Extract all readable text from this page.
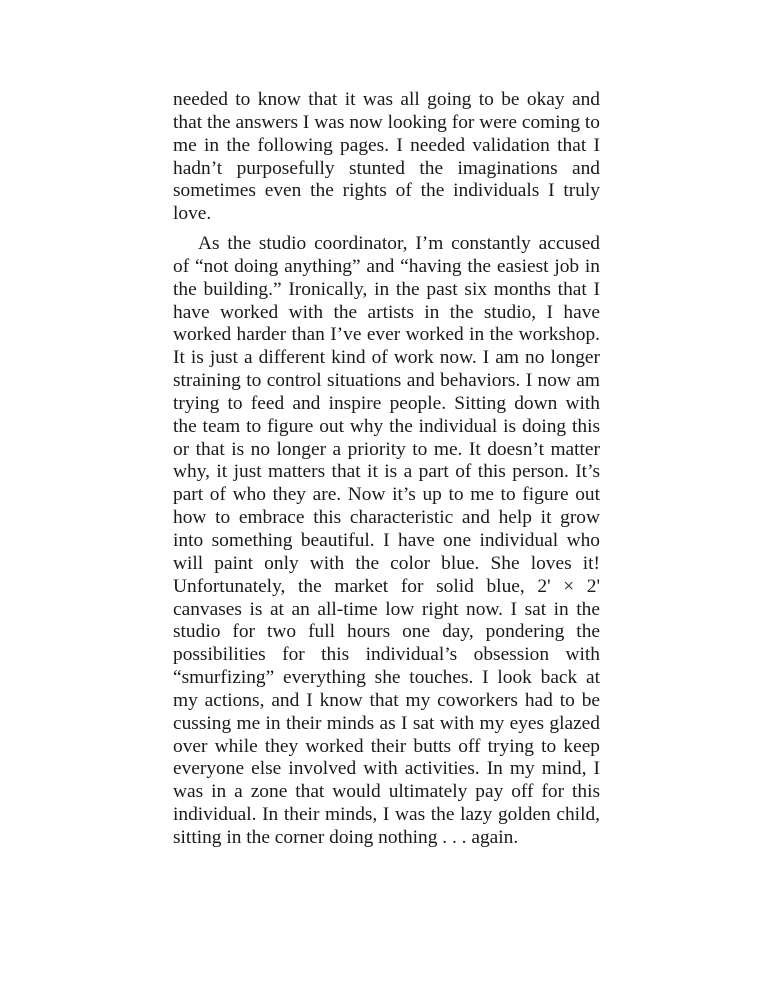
needed to know that it was all going to be okay and that the answers I was now looking for were coming to me in the following pages. I needed validation that I hadn’t purposefully stunted the imaginations and sometimes even the rights of the individuals I truly love.

As the studio coordinator, I’m constantly accused of “not doing anything” and “having the easiest job in the building.” Ironically, in the past six months that I have worked with the artists in the studio, I have worked harder than I’ve ever worked in the workshop. It is just a different kind of work now. I am no longer straining to control situations and behaviors. I now am trying to feed and inspire people. Sitting down with the team to figure out why the individual is doing this or that is no longer a priority to me. It doesn’t matter why, it just matters that it is a part of this person. It’s part of who they are. Now it’s up to me to figure out how to embrace this characteristic and help it grow into something beautiful. I have one individual who will paint only with the color blue. She loves it! Unfortunately, the market for solid blue, 2' × 2' canvases is at an all-time low right now. I sat in the studio for two full hours one day, pondering the possibilities for this individual’s obsession with “smurfizing” everything she touches. I look back at my actions, and I know that my coworkers had to be cussing me in their minds as I sat with my eyes glazed over while they worked their butts off trying to keep everyone else involved with activities. In my mind, I was in a zone that would ultimately pay off for this individual. In their minds, I was the lazy golden child, sitting in the corner doing nothing . . . again.
